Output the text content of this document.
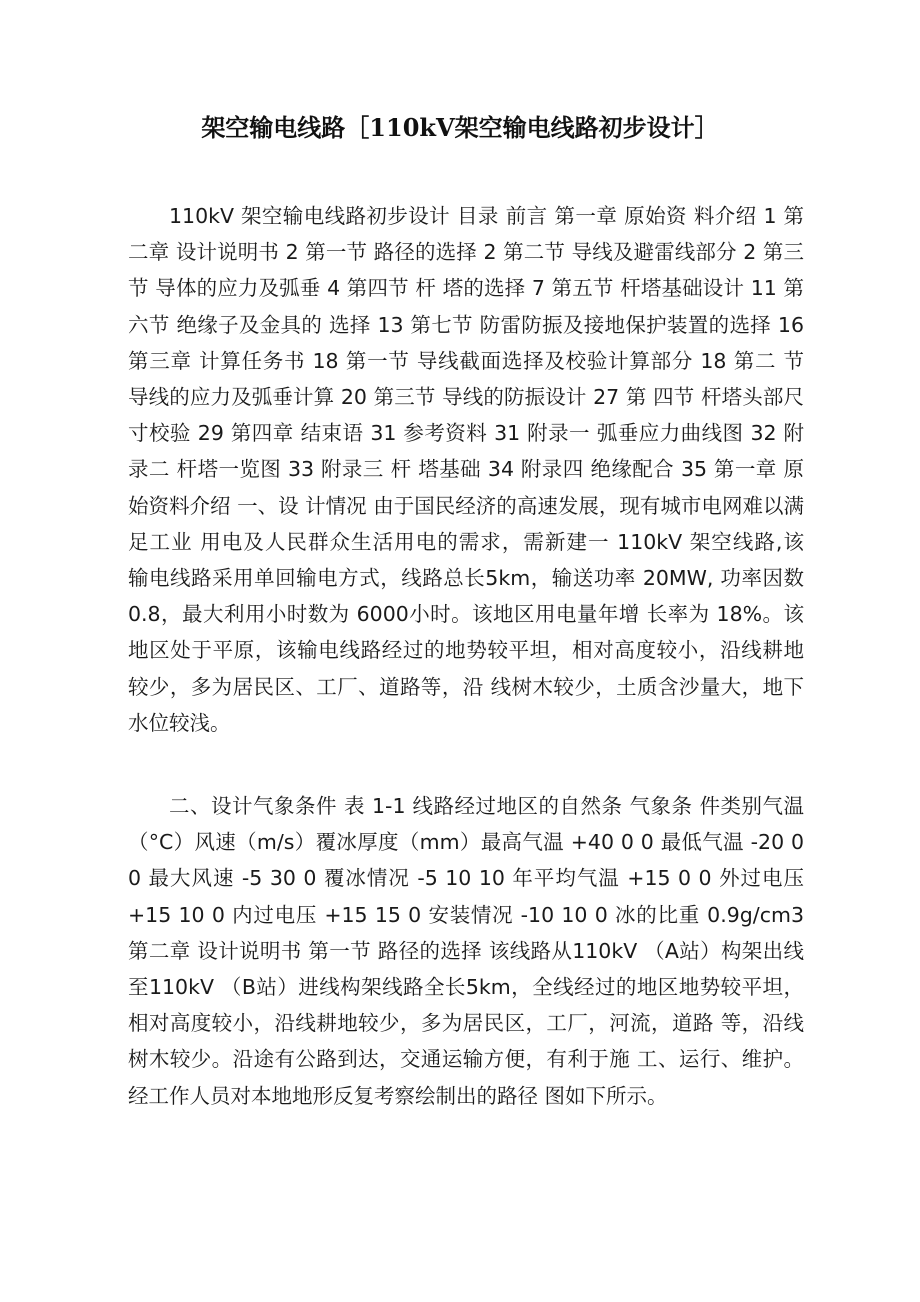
架空输电线路［110kV架空输电线路初步设计］

110kV 架空输电线路初步设计 目录 前言 第一章 原始资 料介绍 1 第二章 设计说明书 2 第一节 路径的选择 2 第二节 导线及避雷线部分 2 第三节 导体的应力及弧垂 4 第四节 杆 塔的选择 7 第五节 杆塔基础设计 11 第六节 绝缘子及金具的 选择 13 第七节 防雷防振及接地保护装置的选择 16 第三章 计算任务书 18 第一节 导线截面选择及校验计算部分 18 第二 节 导线的应力及弧垂计算 20 第三节 导线的防振设计 27 第 四节 杆塔头部尺寸校验 29 第四章 结束语 31 参考资料 31 附录一 弧垂应力曲线图 32 附录二 杆塔一览图 33 附录三 杆 塔基础 34 附录四 绝缘配合 35 第一章 原始资料介绍 一、设 计情况 由于国民经济的高速发展，现有城市电网难以满足工业 用电及人民群众生活用电的需求，需新建一 110kV 架空线路,该　　输电线路采用单回输电方式，线路总长5km，输送功率 20MW, 功率因数 0.8，最大利用小时数为 6000小时。该地区用电量年增 长率为 18%。该地区处于平原，该输电线路经过的地势较平坦，相对高度较小，沿线耕地较少，多为居民区、工厂、道路等，沿 线树木较少，土质含沙量大，地下水位较浅。

二、设计气象条件 表 1-1 线路经过地区的自然条 气象条 件类别气温（°C）风速（m/s）覆冰厚度（mm）最高气温 +40 0 0 最低气温 -20 0 0 最大风速 -5 30 0 覆冰情况 -5 10 10 年平均气温 +15 0 0 外过电压 +15 10 0 内过电压 +15 15 0 安装情况 -10 10 0 冰的比重 0.9g/cm3 第二章 设计说明书 第一节 路径的选择 该线路从110kV （A站）构架出线至110kV （B站）进线构架线路全长5km，全线经过的地区地势较平坦， 相对高度较小，沿线耕地较少，多为居民区，工厂，河流，道路 等，沿线树木较少。沿途有公路到达，交通运输方便，有利于施 工、运行、维护。经工作人员对本地地形反复考察绘制出的路径 图如下所示。
